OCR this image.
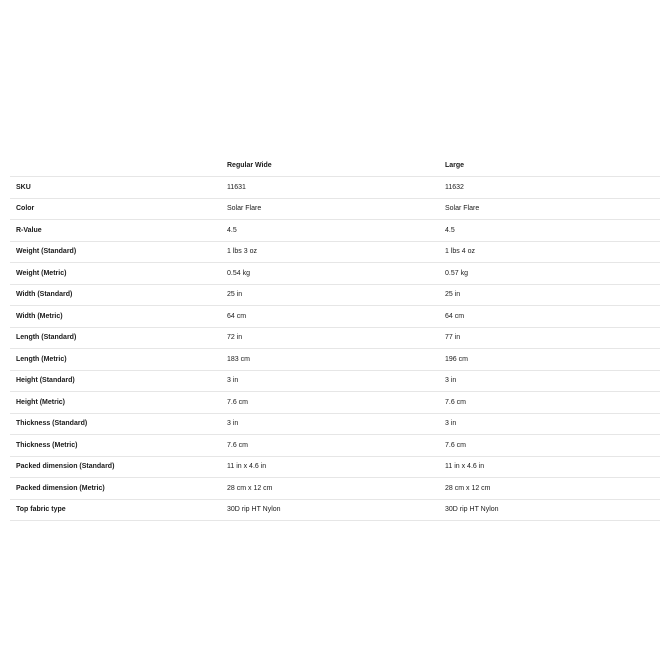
	Regular Wide	Large
SKU	11631	11632
Color	Solar Flare	Solar Flare
R-Value	4.5	4.5
Weight (Standard)	1 lbs 3 oz	1 lbs 4 oz
Weight (Metric)	0.54 kg	0.57 kg
Width (Standard)	25 in	25 in
Width (Metric)	64 cm	64 cm
Length (Standard)	72 in	77 in
Length (Metric)	183 cm	196 cm
Height (Standard)	3 in	3 in
Height (Metric)	7.6 cm	7.6 cm
Thickness (Standard)	3 in	3 in
Thickness (Metric)	7.6 cm	7.6 cm
Packed dimension (Standard)	11 in x 4.6 in	11 in x 4.6 in
Packed dimension (Metric)	28 cm x 12 cm	28 cm x 12 cm
Top fabric type	30D rip HT Nylon	30D rip HT Nylon
